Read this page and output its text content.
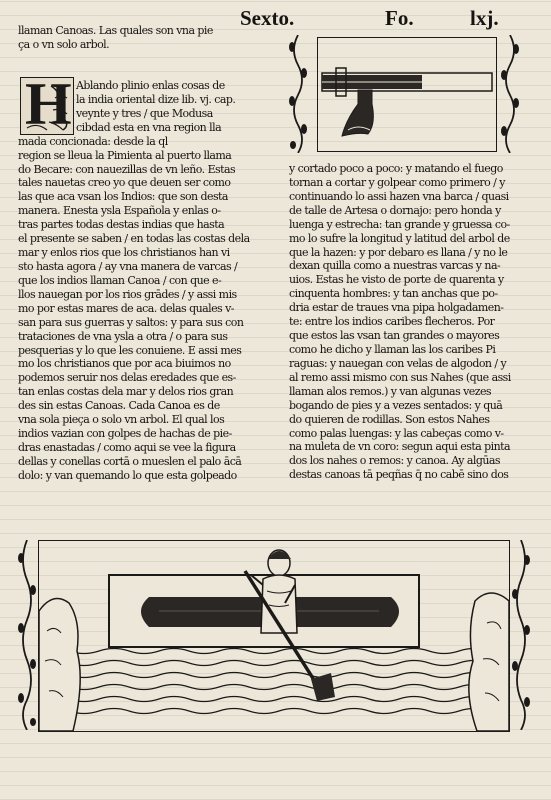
Sexto.	Fo.	lxj.
llaman Canoas. Las quales son vna pie
ça o vn solo arbol.
H Ablando plinio enlas cosas de
la india oriental dize lib. vj. cap.
veynte y tres / que Modusa
cibdad esta en vna region lla
mada concionada: desde la ql
region se lleua la Pimienta al puerto llama
do Becare: con nauezillas de vn leño. Estas
tales nauetas creo yo que deuen ser como
las que aca vsan los Indios: que son desta
manera. Enesta ysla Española y enlas o-
tras partes todas destas indias que hasta
el presente se saben / en todas las costas dela
mar y enlos rios que los christianos han vi
sto hasta agora / ay vna manera de varcas /
que los indios llaman Canoa / con que e-
llos nauegan por los rios grādes / y assi mis
mo por estas mares de aca. delas quales v-
san para sus guerras y saltos: y para sus con
trataciones de vna ysla a otra / o para sus
pesquerias y lo que les conuiene. E assi mes
mo los christianos que por aca biuimos no
podemos seruir nos delas eredades que es-
tan enlas costas dela mar y delos rios gran
des sin estas Canoas. Cada Canoa es de
vna sola pieça o solo vn arbol. El qual los
indios vazian con golpes de hachas de pie-
dras enastadas / como aqui se vee la figura
dellas y conellas cortā o mueslen el palo ācā
dolo: y van quemando lo que esta golpeado
y cortado poco a poco: y matando el fuego
tornan a cortar y golpear como primero / y
continuando lo assi hazen vna barca / quasi
de talle de Artesa o dornajo: pero honda y
luenga y estrecha: tan grande y gruessa co-
mo lo sufre la longitud y latitud del arbol de
que la hazen: y por debaro es llana / y no le
dexan quilla como a nuestras varcas y na-
uios. Estas he visto de porte de quarenta y
cinquenta hombres: y tan anchas que po-
dria estar de traues vna pipa holgadamen-
te: entre los indios caribes flecheros. Por
que estos las vsan tan grandes o mayores
como he dicho y llaman las los caribes Pi
raguas: y nauegan con velas de algodon / y
al remo assi mismo con sus Nahes (que assi
llaman alos remos.) y van algunas vezes
bogando de pies y a vezes sentados: y quā
do quieren de rodillas. Son estos Nahes
como palas luengas: y las cabeças como v-
na muleta de vn coro: segun aqui esta pinta
dos los nahes o remos: y canoa. Ay algūas
destas canoas tā peqñas q̄ no cabē sino dos
